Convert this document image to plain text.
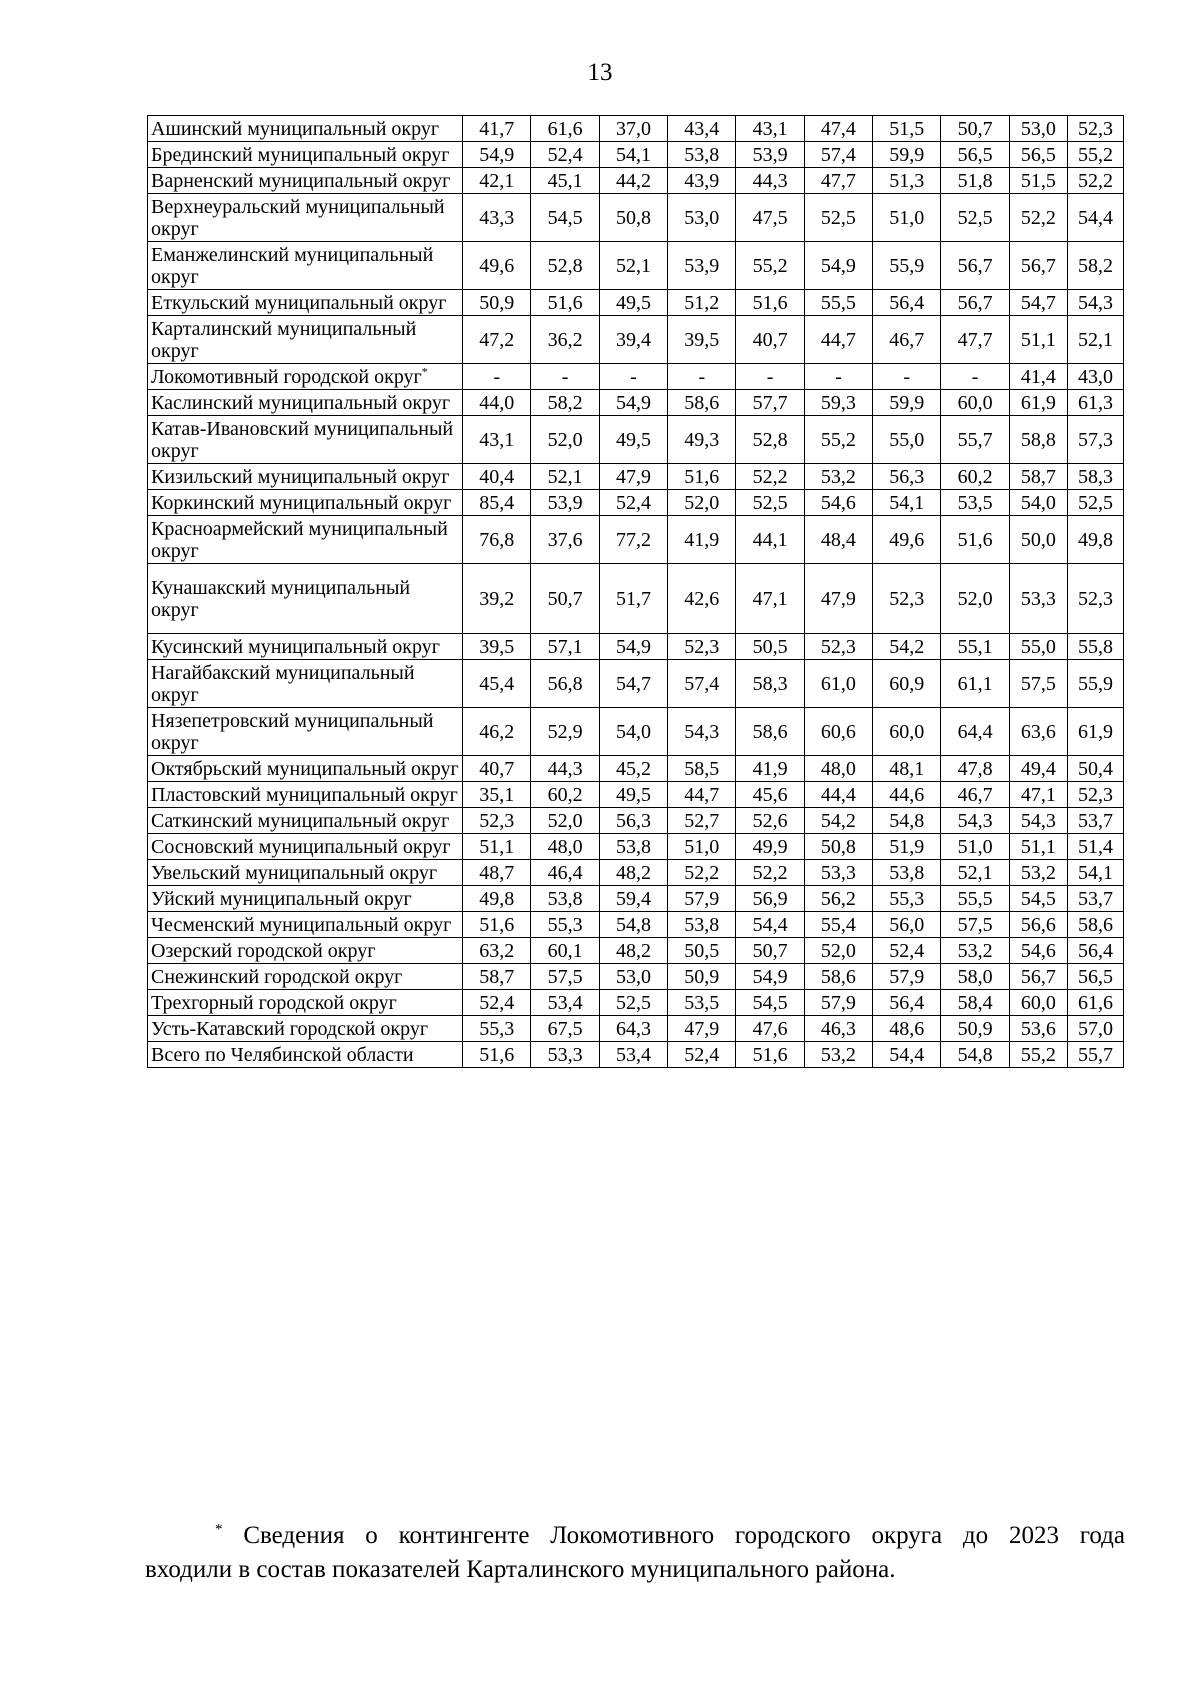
13
Ашинский муниципальный округ	41,7	61,6	37,0	43,4	43,1	47,4	51,5	50,7	53,0	52,3
Брединский муниципальный округ	54,9	52,4	54,1	53,8	53,9	57,4	59,9	56,5	56,5	55,2
Варненский муниципальный округ	42,1	45,1	44,2	43,9	44,3	47,7	51,3	51,8	51,5	52,2
Верхнеуральский муниципальный округ	43,3	54,5	50,8	53,0	47,5	52,5	51,0	52,5	52,2	54,4
Еманжелинский муниципальный округ	49,6	52,8	52,1	53,9	55,2	54,9	55,9	56,7	56,7	58,2
Еткульский муниципальный округ	50,9	51,6	49,5	51,2	51,6	55,5	56,4	56,7	54,7	54,3
Карталинский муниципальный округ	47,2	36,2	39,4	39,5	40,7	44,7	46,7	47,7	51,1	52,1
Локомотивный городской округ*	-	-	-	-	-	-	-	-	41,4	43,0
Каслинский муниципальный округ	44,0	58,2	54,9	58,6	57,7	59,3	59,9	60,0	61,9	61,3
Катав-Ивановский муниципальный округ	43,1	52,0	49,5	49,3	52,8	55,2	55,0	55,7	58,8	57,3
Кизильский муниципальный округ	40,4	52,1	47,9	51,6	52,2	53,2	56,3	60,2	58,7	58,3
Коркинский муниципальный округ	85,4	53,9	52,4	52,0	52,5	54,6	54,1	53,5	54,0	52,5
Красноармейский муниципальный округ	76,8	37,6	77,2	41,9	44,1	48,4	49,6	51,6	50,0	49,8
Кунашакский муниципальный округ	39,2	50,7	51,7	42,6	47,1	47,9	52,3	52,0	53,3	52,3
Кусинский муниципальный округ	39,5	57,1	54,9	52,3	50,5	52,3	54,2	55,1	55,0	55,8
Нагайбакский муниципальный округ	45,4	56,8	54,7	57,4	58,3	61,0	60,9	61,1	57,5	55,9
Нязепетровский муниципальный округ	46,2	52,9	54,0	54,3	58,6	60,6	60,0	64,4	63,6	61,9
Октябрьский муниципальный округ	40,7	44,3	45,2	58,5	41,9	48,0	48,1	47,8	49,4	50,4
Пластовский муниципальный округ	35,1	60,2	49,5	44,7	45,6	44,4	44,6	46,7	47,1	52,3
Саткинский муниципальный округ	52,3	52,0	56,3	52,7	52,6	54,2	54,8	54,3	54,3	53,7
Сосновский муниципальный округ	51,1	48,0	53,8	51,0	49,9	50,8	51,9	51,0	51,1	51,4
Увельский муниципальный округ	48,7	46,4	48,2	52,2	52,2	53,3	53,8	52,1	53,2	54,1
Уйский муниципальный округ	49,8	53,8	59,4	57,9	56,9	56,2	55,3	55,5	54,5	53,7
Чесменский муниципальный округ	51,6	55,3	54,8	53,8	54,4	55,4	56,0	57,5	56,6	58,6
Озерский городской округ	63,2	60,1	48,2	50,5	50,7	52,0	52,4	53,2	54,6	56,4
Снежинский городской округ	58,7	57,5	53,0	50,9	54,9	58,6	57,9	58,0	56,7	56,5
Трехгорный городской округ	52,4	53,4	52,5	53,5	54,5	57,9	56,4	58,4	60,0	61,6
Усть-Катавский городской округ	55,3	67,5	64,3	47,9	47,6	46,3	48,6	50,9	53,6	57,0
Всего по Челябинской области	51,6	53,3	53,4	52,4	51,6	53,2	54,4	54,8	55,2	55,7
* Сведения о контингенте Локомотивного городского округа до 2023 года
входили в состав показателей Карталинского муниципального района.
